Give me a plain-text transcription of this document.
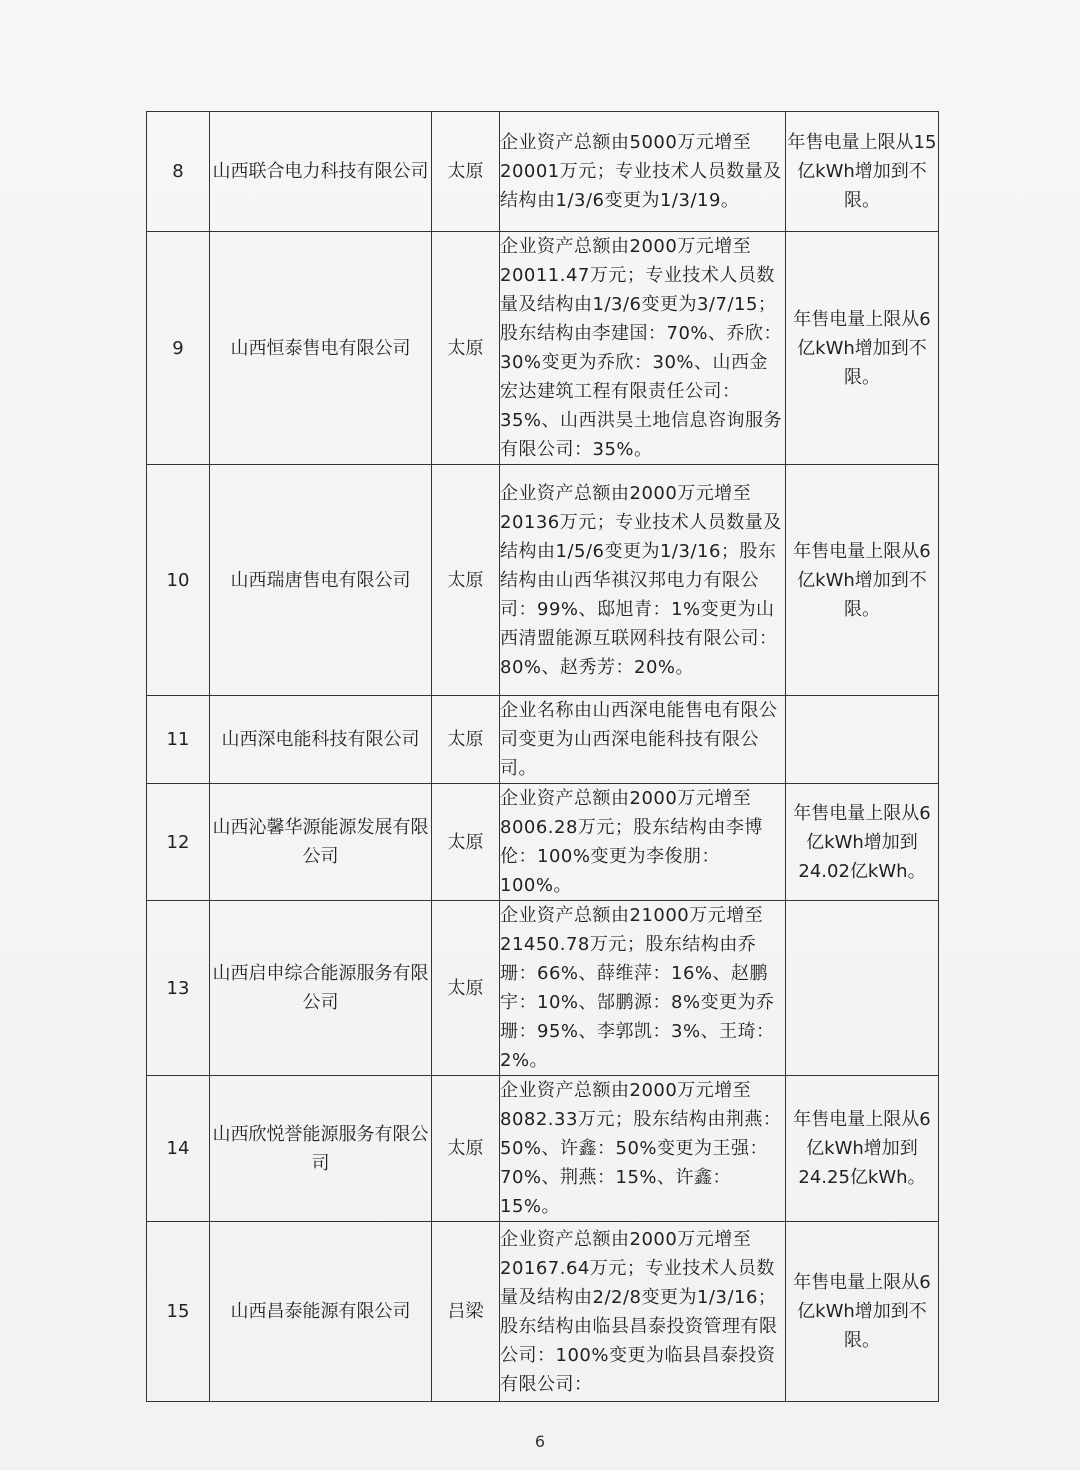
8	山西联合电力科技有限公司	太原	企业资产总额由5000万元增至20001万元；专业技术人员数量及结构由1/3/6变更为1/3/19。	年售电量上限从15亿kWh增加到不限。
9	山西恒泰售电有限公司	太原	企业资产总额由2000万元增至20011.47万元；专业技术人员数量及结构由1/3/6变更为3/7/15；股东结构由李建国：70%、乔欣：30%变更为乔欣：30%、山西金宏达建筑工程有限责任公司：35%、山西洪昊土地信息咨询服务有限公司：35%。	年售电量上限从6亿kWh增加到不限。
10	山西瑞唐售电有限公司	太原	企业资产总额由2000万元增至20136万元；专业技术人员数量及结构由1/5/6变更为1/3/16；股东结构由山西华祺汉邦电力有限公司：99%、邸旭青：1%变更为山西清盟能源互联网科技有限公司：80%、赵秀芳：20%。	年售电量上限从6亿kWh增加到不限。
11	山西深电能科技有限公司	太原	企业名称由山西深电能售电有限公司变更为山西深电能科技有限公司。	
12	山西沁馨华源能源发展有限公司	太原	企业资产总额由2000万元增至8006.28万元；股东结构由李博伦：100%变更为李俊朋：100%。	年售电量上限从6亿kWh增加到24.02亿kWh。
13	山西启申综合能源服务有限公司	太原	企业资产总额由21000万元增至21450.78万元；股东结构由乔珊：66%、薛维萍：16%、赵鹏宇：10%、郜鹏源：8%变更为乔珊：95%、李郭凯：3%、王琦：2%。	
14	山西欣悦誉能源服务有限公司	太原	企业资产总额由2000万元增至8082.33万元；股东结构由荆燕：50%、许鑫：50%变更为王强：70%、荆燕：15%、许鑫：15%。	年售电量上限从6亿kWh增加到24.25亿kWh。
15	山西昌泰能源有限公司	吕梁	企业资产总额由2000万元增至20167.64万元；专业技术人员数量及结构由2/2/8变更为1/3/16；股东结构由临县昌泰投资管理有限公司：100%变更为临县昌泰投资有限公司：	年售电量上限从6亿kWh增加到不限。
6
